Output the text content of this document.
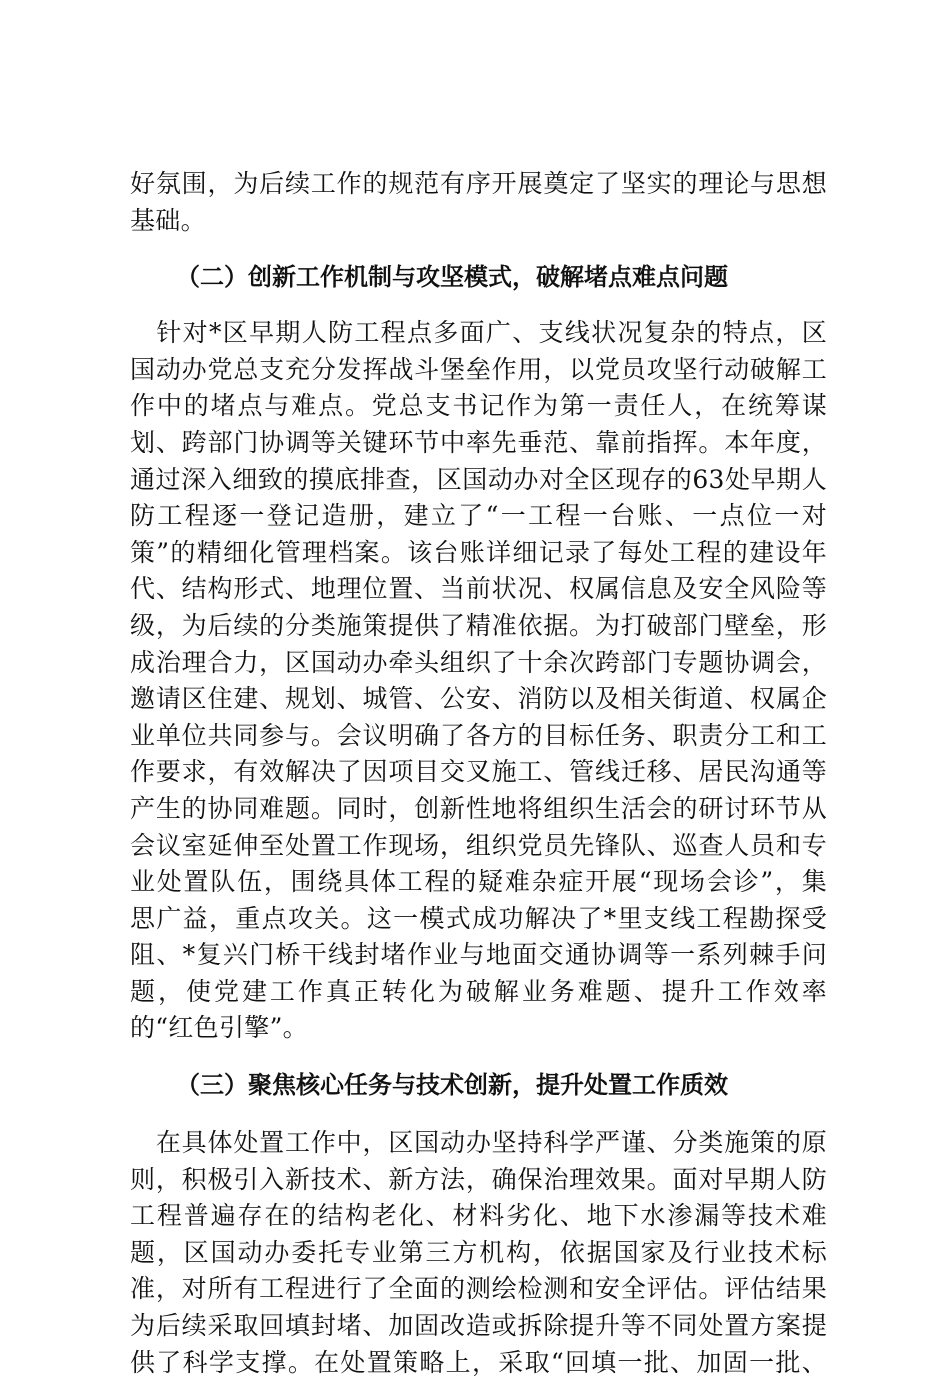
好氛围，为后续工作的规范有序开展奠定了坚实的理论与思想
基础。

（二）创新工作机制与攻坚模式，破解堵点难点问题

　针对*区早期人防工程点多面广、支线状况复杂的特点，区
国动办党总支充分发挥战斗堡垒作用，以党员攻坚行动破解工
作中的堵点与难点。党总支书记作为第一责任人，在统筹谋
划、跨部门协调等关键环节中率先垂范、靠前指挥。本年度，
通过深入细致的摸底排查，区国动办对全区现存的63处早期人
防工程逐一登记造册，建立了“一工程一台账、一点位一对
策”的精细化管理档案。该台账详细记录了每处工程的建设年
代、结构形式、地理位置、当前状况、权属信息及安全风险等
级，为后续的分类施策提供了精准依据。为打破部门壁垒，形
成治理合力，区国动办牵头组织了十余次跨部门专题协调会，
邀请区住建、规划、城管、公安、消防以及相关街道、权属企
业单位共同参与。会议明确了各方的目标任务、职责分工和工
作要求，有效解决了因项目交叉施工、管线迁移、居民沟通等
产生的协同难题。同时，创新性地将组织生活会的研讨环节从
会议室延伸至处置工作现场，组织党员先锋队、巡查人员和专
业处置队伍，围绕具体工程的疑难杂症开展“现场会诊”，集
思广益，重点攻关。这一模式成功解决了*里支线工程勘探受
阻、*复兴门桥干线封堵作业与地面交通协调等一系列棘手问
题，使党建工作真正转化为破解业务难题、提升工作效率
的“红色引擎”。

（三）聚焦核心任务与技术创新，提升处置工作质效

　在具体处置工作中，区国动办坚持科学严谨、分类施策的原
则，积极引入新技术、新方法，确保治理效果。面对早期人防
工程普遍存在的结构老化、材料劣化、地下水渗漏等技术难
题，区国动办委托专业第三方机构，依据国家及行业技术标
准，对所有工程进行了全面的测绘检测和安全评估。评估结果
为后续采取回填封堵、加固改造或拆除提升等不同处置方案提
供了科学支撑。在处置策略上，采取“回填一批、加固一批、
